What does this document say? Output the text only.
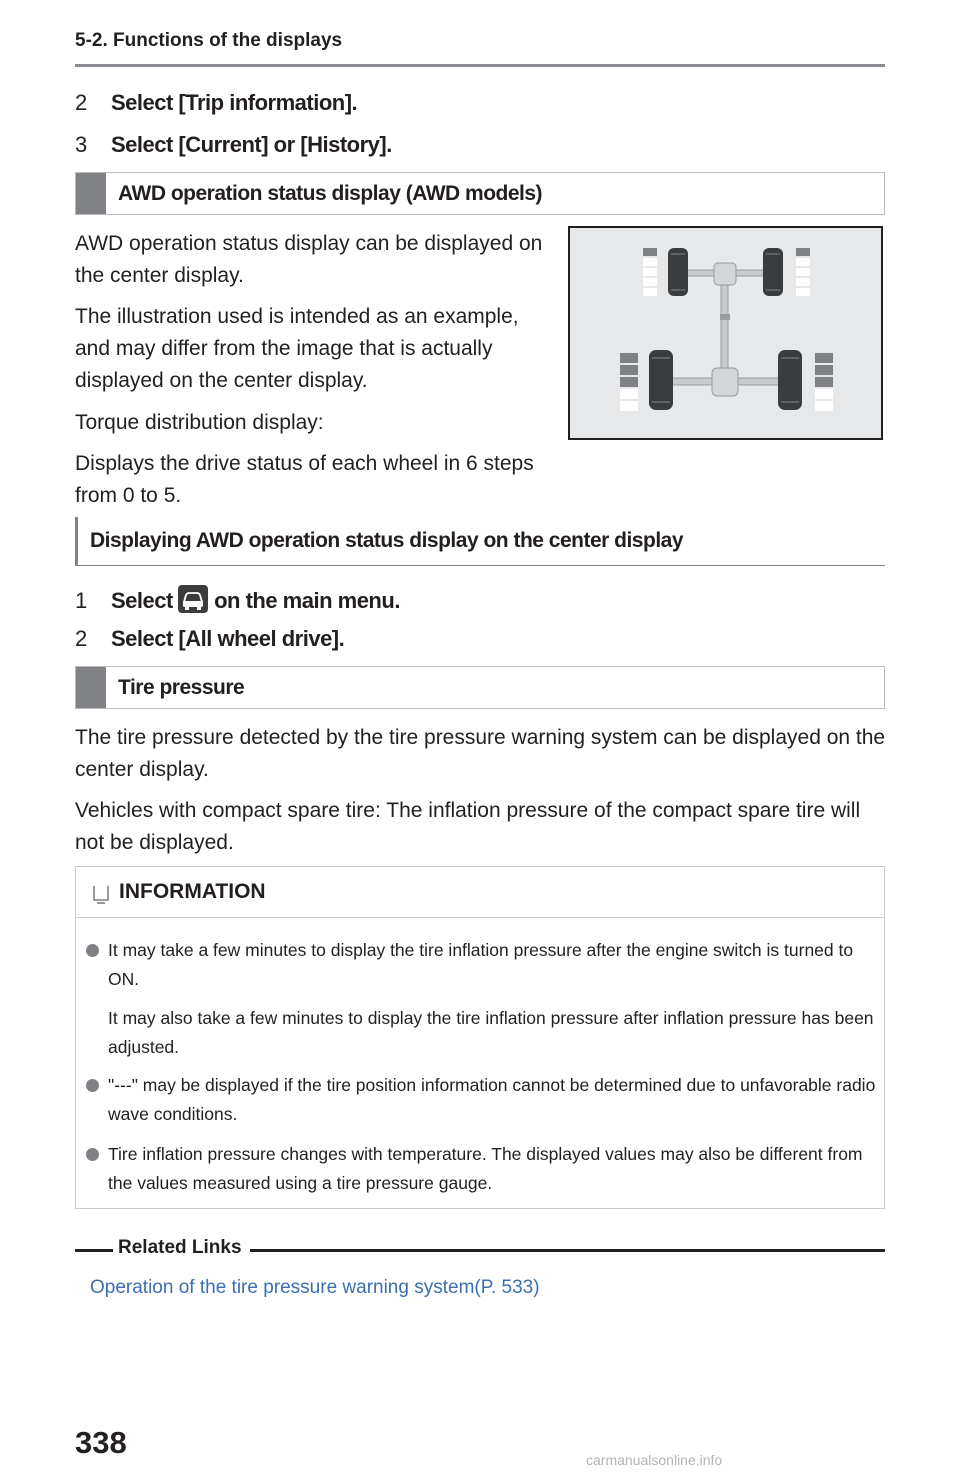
5-2. Functions of the displays
2 Select [Trip information].
3 Select [Current] or [History].
AWD operation status display (AWD models)
AWD operation status display can be displayed on the center display.
The illustration used is intended as an example, and may differ from the image that is actually displayed on the center display.
Torque distribution display:
Displays the drive status of each wheel in 6 steps from 0 to 5.
Displaying AWD operation status display on the center display
1 Select on the main menu.
2 Select [All wheel drive].
Tire pressure
The tire pressure detected by the tire pressure warning system can be displayed on the center display.
Vehicles with compact spare tire: The inflation pressure of the compact spare tire will not be displayed.
INFORMATION
It may take a few minutes to display the tire inflation pressure after the engine switch is turned to ON.
It may also take a few minutes to display the tire inflation pressure after inflation pressure has been adjusted.
"---" may be displayed if the tire position information cannot be determined due to unfavorable radio wave conditions.
Tire inflation pressure changes with temperature. The displayed values may also be different from the values measured using a tire pressure gauge.
Related Links
Operation of the tire pressure warning system(P. 533)
338	carmanualsonline.info
